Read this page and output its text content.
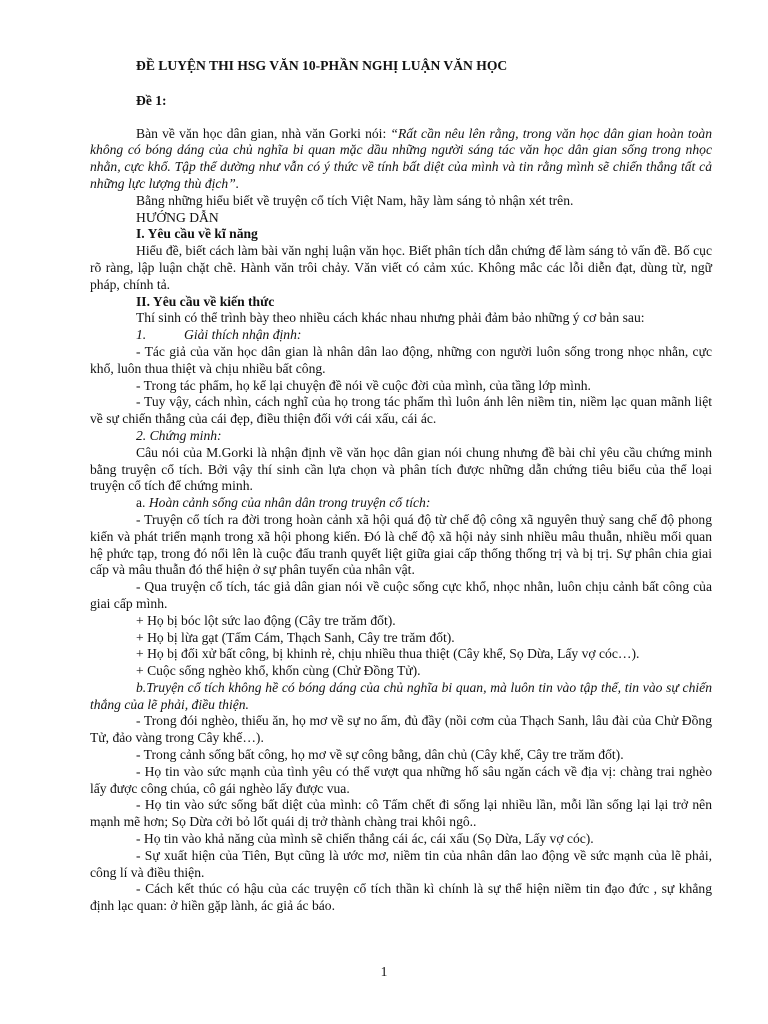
ĐỀ LUYỆN THI HSG VĂN 10-PHẦN NGHỊ LUẬN VĂN HỌC

Đề 1:

Bàn về văn học dân gian, nhà văn Gorki nói: “Rất cần nêu lên rằng, trong văn học dân gian hoàn toàn không có bóng dáng của chủ nghĩa bi quan mặc dầu những người sáng tác văn học dân gian sống trong nhọc nhằn, cực khổ. Tập thể dường như vẫn có ý thức về tính bất diệt của mình và tin rằng mình sẽ chiến thắng tất cả những lực lượng thù địch”.

Bằng những hiểu biết về truyện cổ tích Việt Nam, hãy làm sáng tỏ nhận xét trên.

HƯỚNG DẪN

I. Yêu cầu về kĩ năng

Hiểu đề, biết cách làm bài văn nghị luận văn học. Biết phân tích dẫn chứng để làm sáng tỏ vấn đề. Bố cục rõ ràng, lập luận chặt chẽ. Hành văn trôi chảy. Văn viết có cảm xúc. Không mắc các lỗi diễn đạt, dùng từ, ngữ pháp, chính tả.

II. Yêu cầu về kiến thức

Thí sinh có thể trình bày theo nhiều cách khác nhau nhưng phải đảm bảo những ý cơ bản sau:

1.	Giải thích nhận định:

- Tác giả của văn học dân gian là nhân dân lao động, những con người luôn sống trong nhọc nhằn, cực khổ, luôn thua thiệt và chịu nhiều bất công.

- Trong tác phẩm, họ kể lại chuyện đề nói về cuộc đời của mình, của tầng lớp mình.

- Tuy vậy, cách nhìn, cách nghĩ của họ trong tác phẩm thì luôn ánh lên niềm tin, niềm lạc quan mãnh liệt về sự chiến thắng của cái đẹp, điều thiện đối với cái xấu, cái ác.

2. Chứng minh:

Câu nói của M.Gorki là nhận định về văn học dân gian nói chung nhưng đề bài chỉ yêu cầu chứng minh bằng truyện cổ tích. Bởi vậy thí sinh cần lựa chọn và phân tích được những dẫn chứng tiêu biểu của thể loại truyện cổ tích để chứng minh.

a. Hoàn cảnh sống của nhân dân trong truyện cổ tích:

- Truyện cổ tích ra đời trong hoàn cảnh xã hội quá độ từ chế độ công xã nguyên thuỷ sang chế độ phong kiến và phát triển mạnh trong xã hội phong kiến. Đó là chế độ xã hội nảy sinh nhiều mâu thuẫn, nhiều mối quan hệ phức tạp, trong đó nổi lên là cuộc đấu tranh quyết liệt giữa giai cấp thống thống trị và bị trị. Sự phân chia giai cấp và mâu thuẫn đó thể hiện ở sự phân tuyến của nhân vật.

- Qua truyện cổ tích, tác giả dân gian nói về cuộc sống cực khổ, nhọc nhằn, luôn chịu cảnh bất công của giai cấp mình.

+ Họ bị bóc lột sức lao động (Cây tre trăm đốt).

+ Họ bị lừa gạt (Tấm Cám, Thạch Sanh, Cây tre trăm đốt).

+ Họ bị đối xử bất công, bị khinh rẻ, chịu nhiều thua thiệt (Cây khế, Sọ Dừa, Lấy vợ cóc…).

+ Cuộc sống nghèo khổ, khốn cùng (Chử Đồng Tử).

b.Truyện cổ tích không hề có bóng dáng của chủ nghĩa bi quan, mà luôn tin vào tập thể, tin vào sự chiến thắng của lẽ phải, điều thiện.

- Trong đói nghèo, thiếu ăn, họ mơ về sự no ấm, đủ đầy (nồi cơm của Thạch Sanh, lâu đài của Chử Đồng Tử, đảo vàng trong Cây khế…).

- Trong cảnh sống bất công, họ mơ về sự công bằng, dân chủ (Cây khế, Cây tre trăm đốt).

- Họ tin vào sức mạnh của tình yêu có thể vượt qua những hố sâu ngăn cách về địa vị: chàng trai nghèo lấy được công chúa, cô gái nghèo lấy được vua.

- Họ tin vào sức sống bất diệt của mình: cô Tấm chết đi sống lại nhiều lần, mỗi lần sống lại lại trở nên mạnh mẽ hơn; Sọ Dừa cởi bỏ lốt quái dị trở thành chàng trai khôi ngô..

- Họ tin vào khả năng của mình sẽ chiến thắng cái ác, cái xấu (Sọ Dừa, Lấy vợ cóc).

- Sự xuất hiện của Tiên, Bụt cũng là ước mơ, niềm tin của nhân dân lao động về sức mạnh của lẽ phải, công lí và điều thiện.

- Cách kết thúc có hậu của các truyện cổ tích thần kì chính là sự thể hiện niềm tin đạo đức , sự khẳng định lạc quan: ở hiền gặp lành, ác giả ác báo.

1
